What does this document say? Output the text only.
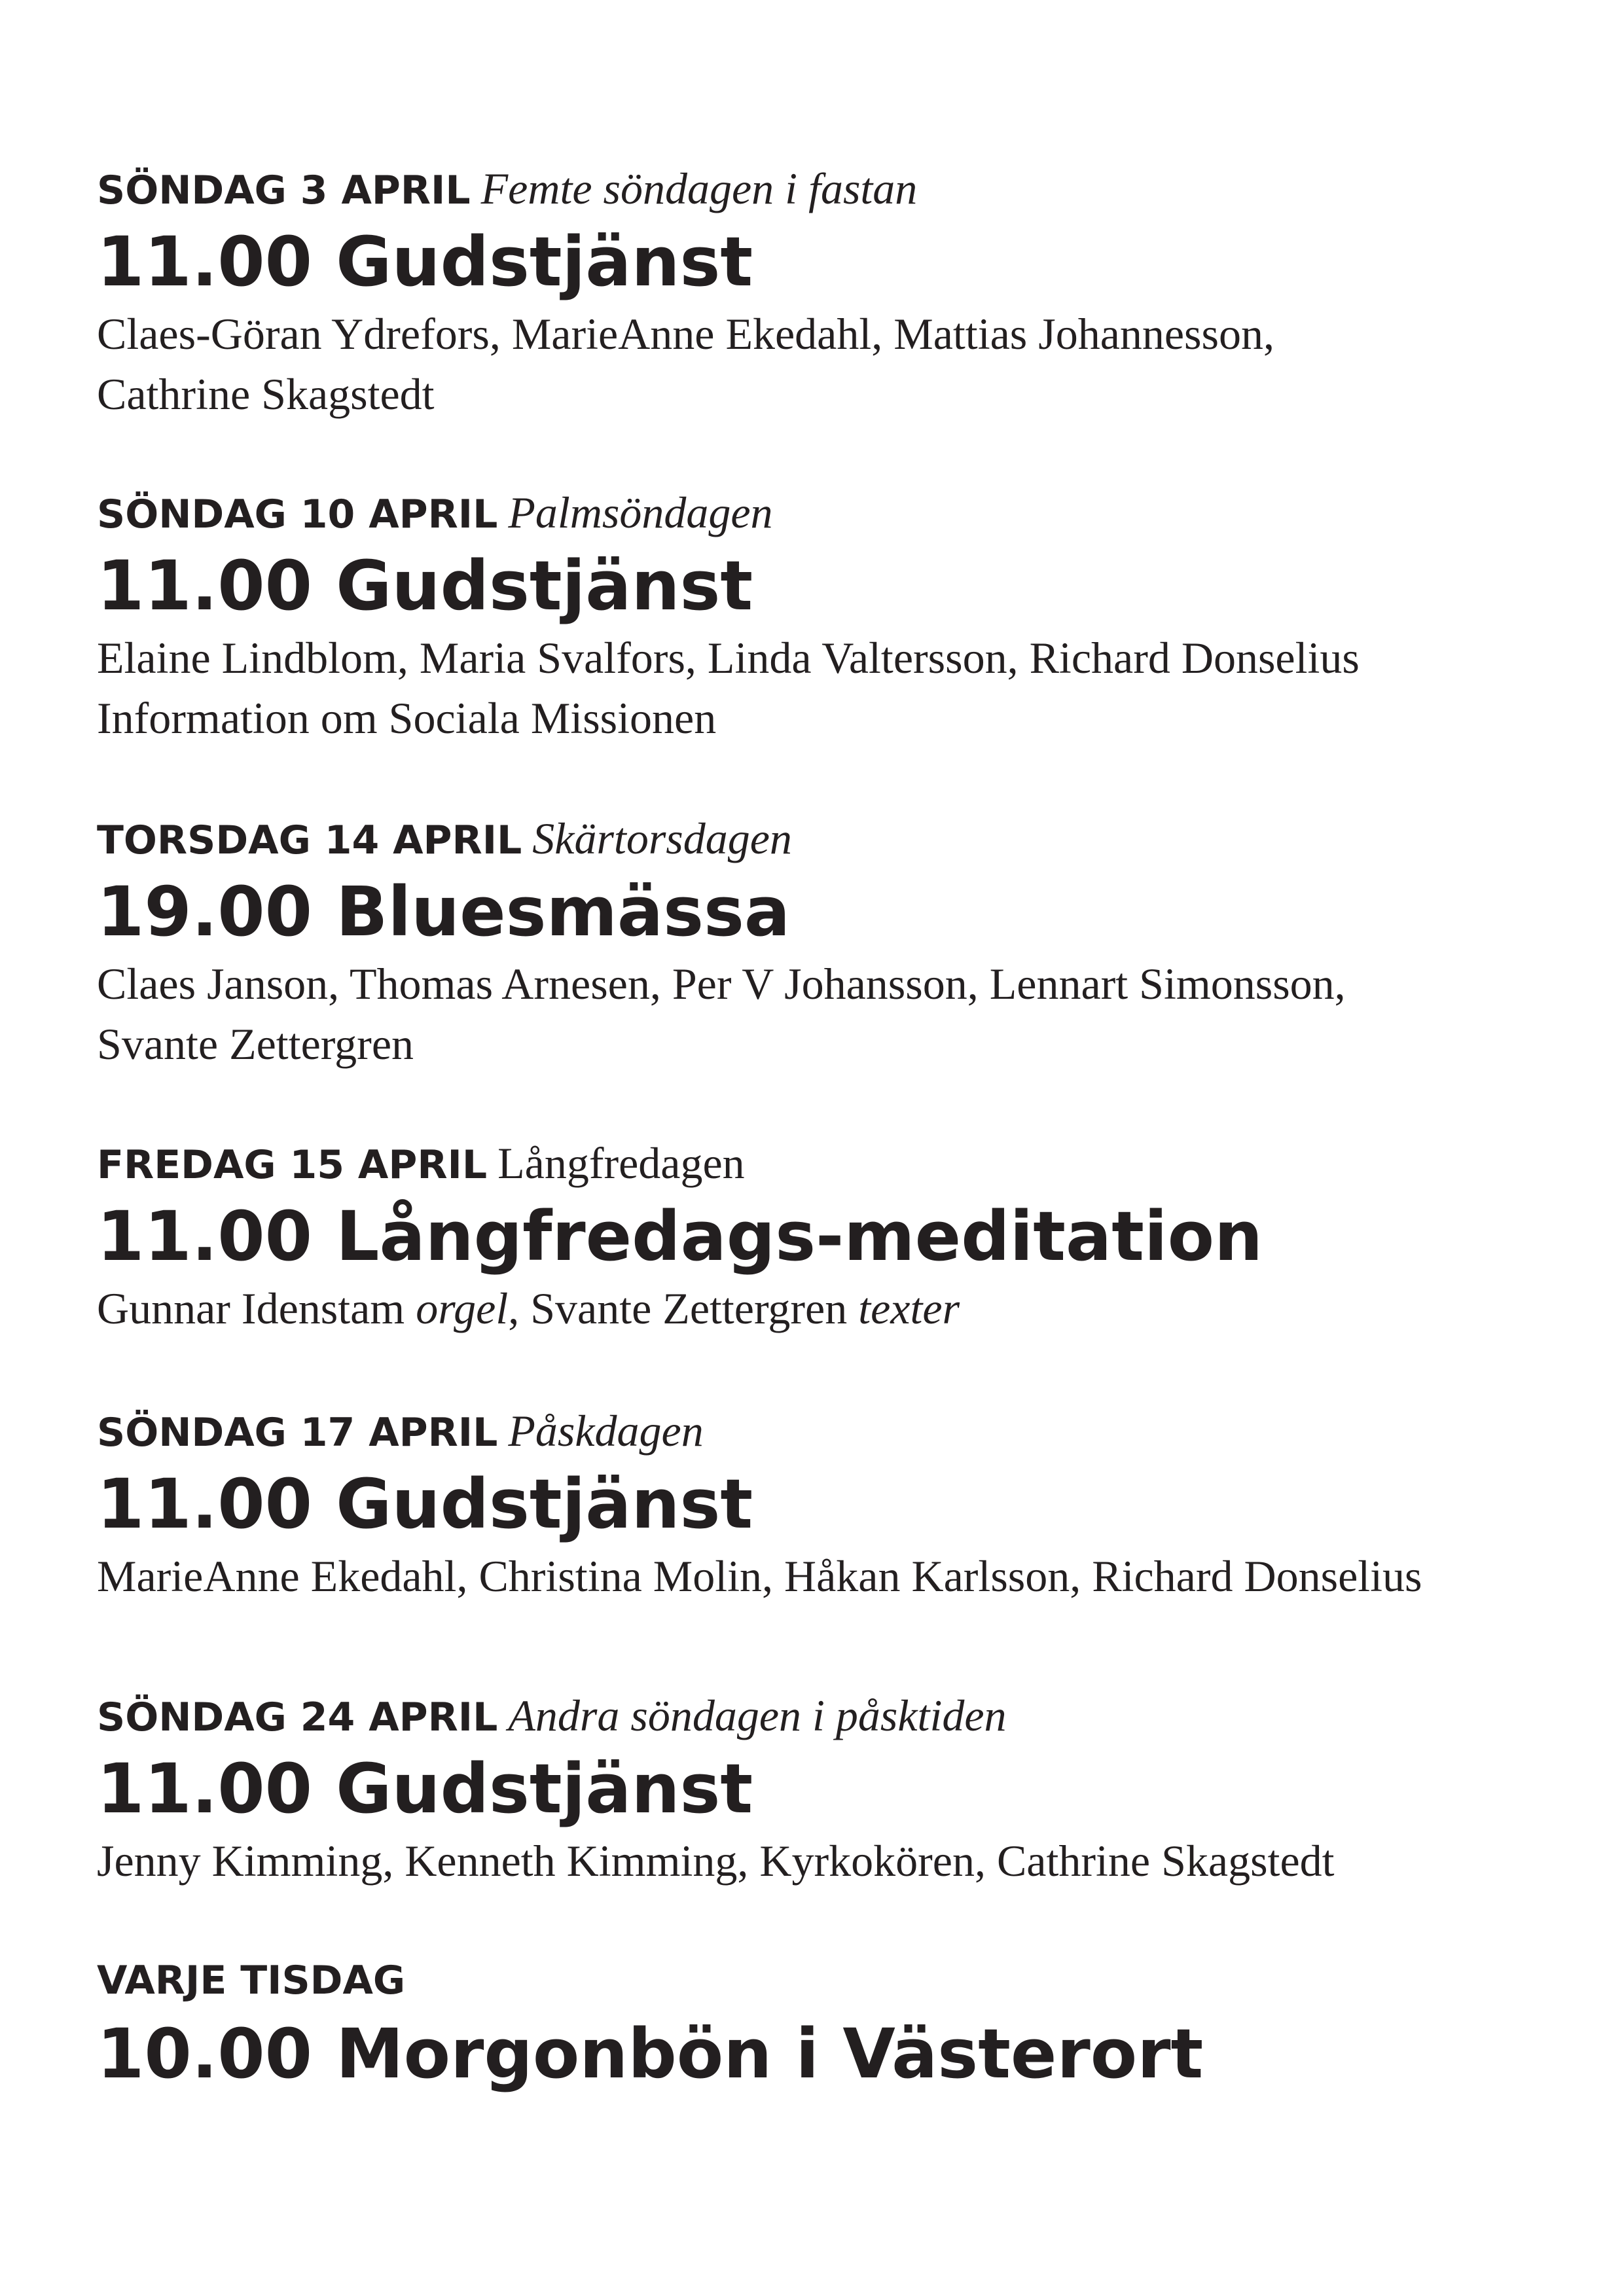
SÖNDAG 3 APRIL Femte söndagen i fastan
11.00 Gudstjänst
Claes-Göran Ydrefors, MarieAnne Ekedahl, Mattias Johannesson,
Cathrine Skagstedt
SÖNDAG 10 APRIL Palmsöndagen
11.00 Gudstjänst
Elaine Lindblom, Maria Svalfors, Linda Valtersson, Richard Donselius
Information om Sociala Missionen
TORSDAG 14 APRIL Skärtorsdagen
19.00 Bluesmässa
Claes Janson, Thomas Arnesen, Per V Johansson, Lennart Simonsson,
Svante Zettergren
FREDAG 15 APRIL Långfredagen
11.00 Långfredags-meditation
Gunnar Idenstam orgel, Svante Zettergren texter
SÖNDAG 17 APRIL Påskdagen
11.00 Gudstjänst
MarieAnne Ekedahl, Christina Molin, Håkan Karlsson, Richard Donselius
SÖNDAG 24 APRIL Andra söndagen i påsktiden
11.00 Gudstjänst
Jenny Kimming, Kenneth Kimming, Kyrkokören, Cathrine Skagstedt
VARJE TISDAG
10.00 Morgonbön i Västerort
